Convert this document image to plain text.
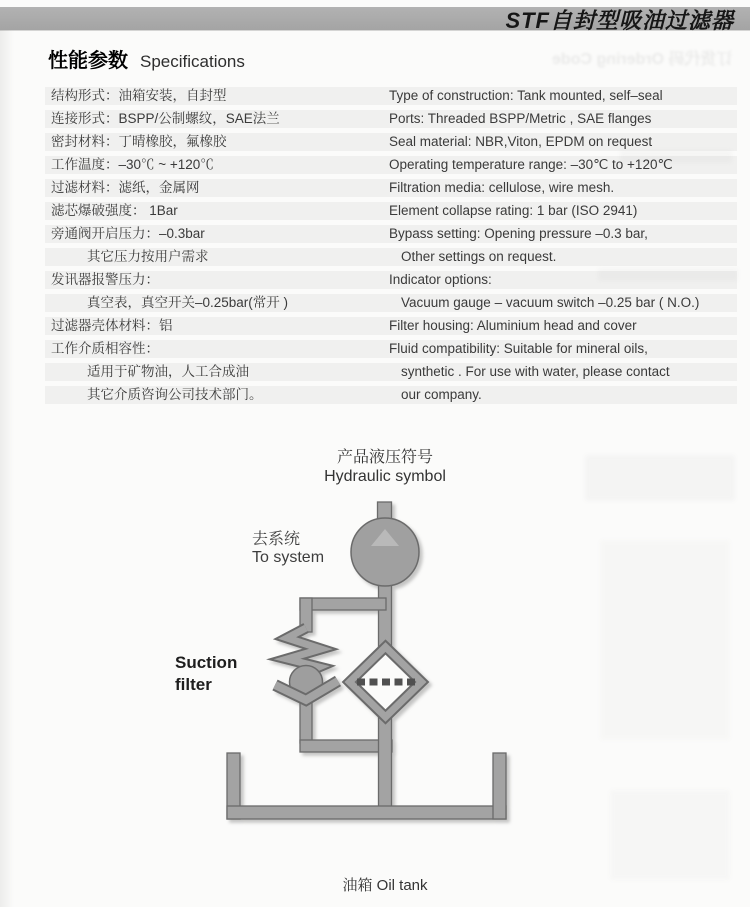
订货代码 Ordering Code
STF自封型吸油过滤器
性能参数 Specifications
结构形式：油箱安装，自封型	Type of construction: Tank mounted, self–seal
连接形式：BSPP/公制螺纹，SAE法兰	Ports: Threaded BSPP/Metric , SAE flanges
密封材料：丁晴橡胶，氟橡胶	Seal material: NBR,Viton, EPDM on request
工作温度：–30℃ ~ +120℃	Operating temperature range: –30℃ to +120℃
过滤材料：滤纸，金属网	Filtration media: cellulose, wire mesh.
滤芯爆破强度： 1Bar	Element collapse rating: 1 bar (ISO 2941)
旁通阀开启压力：–0.3bar	Bypass setting: Opening pressure –0.3 bar,
其它压力按用户需求	Other settings on request.
发讯器报警压力：	Indicator options:
真空表，真空开关–0.25bar(常开 )	Vacuum gauge – vacuum switch –0.25 bar ( N.O.)
过滤器壳体材料：铝	Filter housing: Aluminium head and cover
工作介质相容性：	Fluid compatibility: Suitable for mineral oils,
适用于矿物油，人工合成油	synthetic . For use with water, please contact
其它介质咨询公司技术部门。	our company.
产品液压符号
Hydraulic symbol
去系统
To system
Suction
filter
油箱 Oil tank
